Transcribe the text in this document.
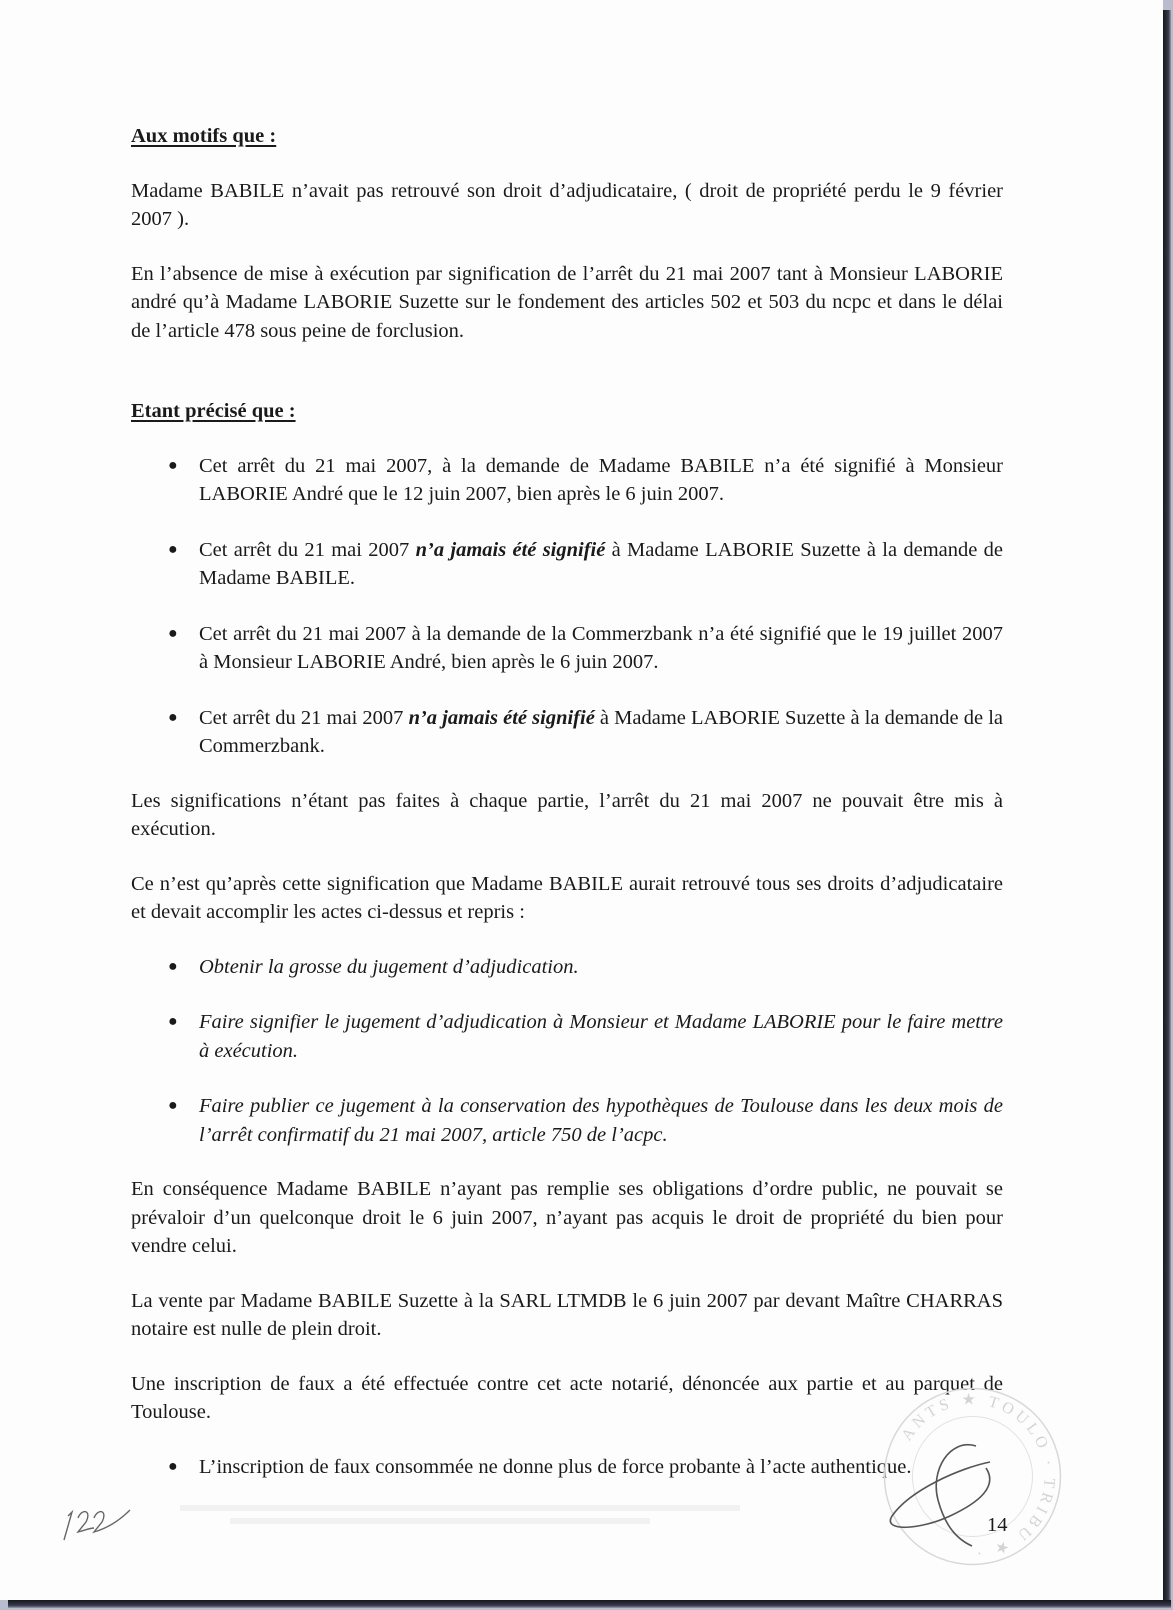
Aux motifs que :

Madame BABILE n’avait pas retrouvé son droit d’adjudicataire, ( droit de propriété perdu le 9 février 2007 ).

En l’absence de mise à exécution par signification de l’arrêt du 21 mai 2007 tant à Monsieur LABORIE andré qu’à Madame LABORIE Suzette sur le fondement des articles 502 et 503 du ncpc et dans le délai de l’article 478 sous peine de forclusion.

Etant précisé que :
● Cet arrêt du 21 mai 2007, à la demande de Madame BABILE n’a été signifié à Monsieur LABORIE André que le 12 juin 2007, bien après le 6 juin 2007.
● Cet arrêt du 21 mai 2007 n’a jamais été signifié à Madame LABORIE Suzette à la demande de Madame BABILE.
● Cet arrêt du 21 mai 2007 à la demande de la Commerzbank n’a été signifié que le 19 juillet 2007 à Monsieur LABORIE André, bien après le 6 juin 2007.
● Cet arrêt du 21 mai 2007 n’a jamais été signifié à Madame LABORIE Suzette à la demande de la Commerzbank.

Les significations n’étant pas faites à chaque partie, l’arrêt du 21 mai 2007 ne pouvait être mis à exécution.

Ce n’est qu’après cette signification que Madame BABILE aurait retrouvé tous ses droits d’adjudicataire et devait accomplir les actes ci-dessus et repris :

● Obtenir la grosse du jugement d’adjudication.
● Faire signifier le jugement d’adjudication à Monsieur et Madame LABORIE pour le faire mettre à exécution.
● Faire publier ce jugement à la conservation des hypothèques de Toulouse dans les deux mois de l’arrêt confirmatif du 21 mai 2007, article 750 de l’acpc.

En conséquence Madame BABILE n’ayant pas remplie ses obligations d’ordre public, ne pouvait se prévaloir d’un quelconque droit le 6 juin 2007, n’ayant pas acquis le droit de propriété du bien pour vendre celui.

La vente par Madame BABILE Suzette à la SARL LTMDB le 6 juin 2007 par devant Maître CHARRAS notaire est nulle de plein droit.

Une inscription de faux a été effectuée contre cet acte notarié, dénoncée aux partie et au parquet de Toulouse.

● L’inscription de faux consommée ne donne plus de force probante à l’acte authentique.
ANTS ★ TOULO · TRIBU ★ ·
14
